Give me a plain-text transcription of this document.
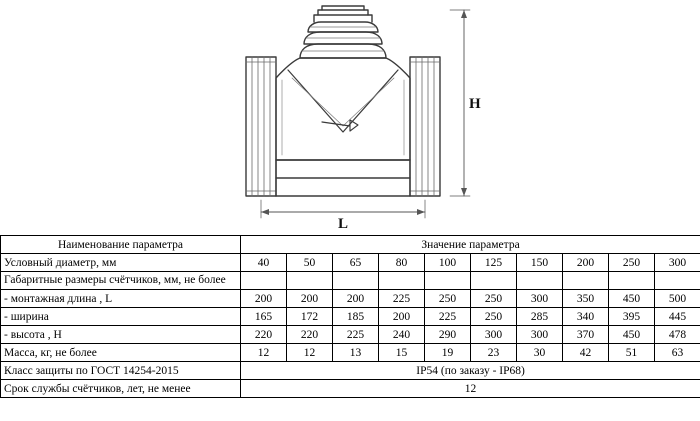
H
L
Наименование параметра	Значение параметра									
Условный диаметр, мм	40	50	65	80	100	125	150	200	250	300
Габаритные размеры счётчиков, мм, не более										
- монтажная длина , L	200	200	200	225	250	250	300	350	450	500
- ширина	165	172	185	200	225	250	285	340	395	445
- высота , H	220	220	225	240	290	300	300	370	450	478
Масса, кг, не более	12	12	13	15	19	23	30	42	51	63
Класс защиты по ГОСТ 14254-2015	IP54 (по заказу - IP68)									
Срок службы счётчиков, лет, не менее	12									
